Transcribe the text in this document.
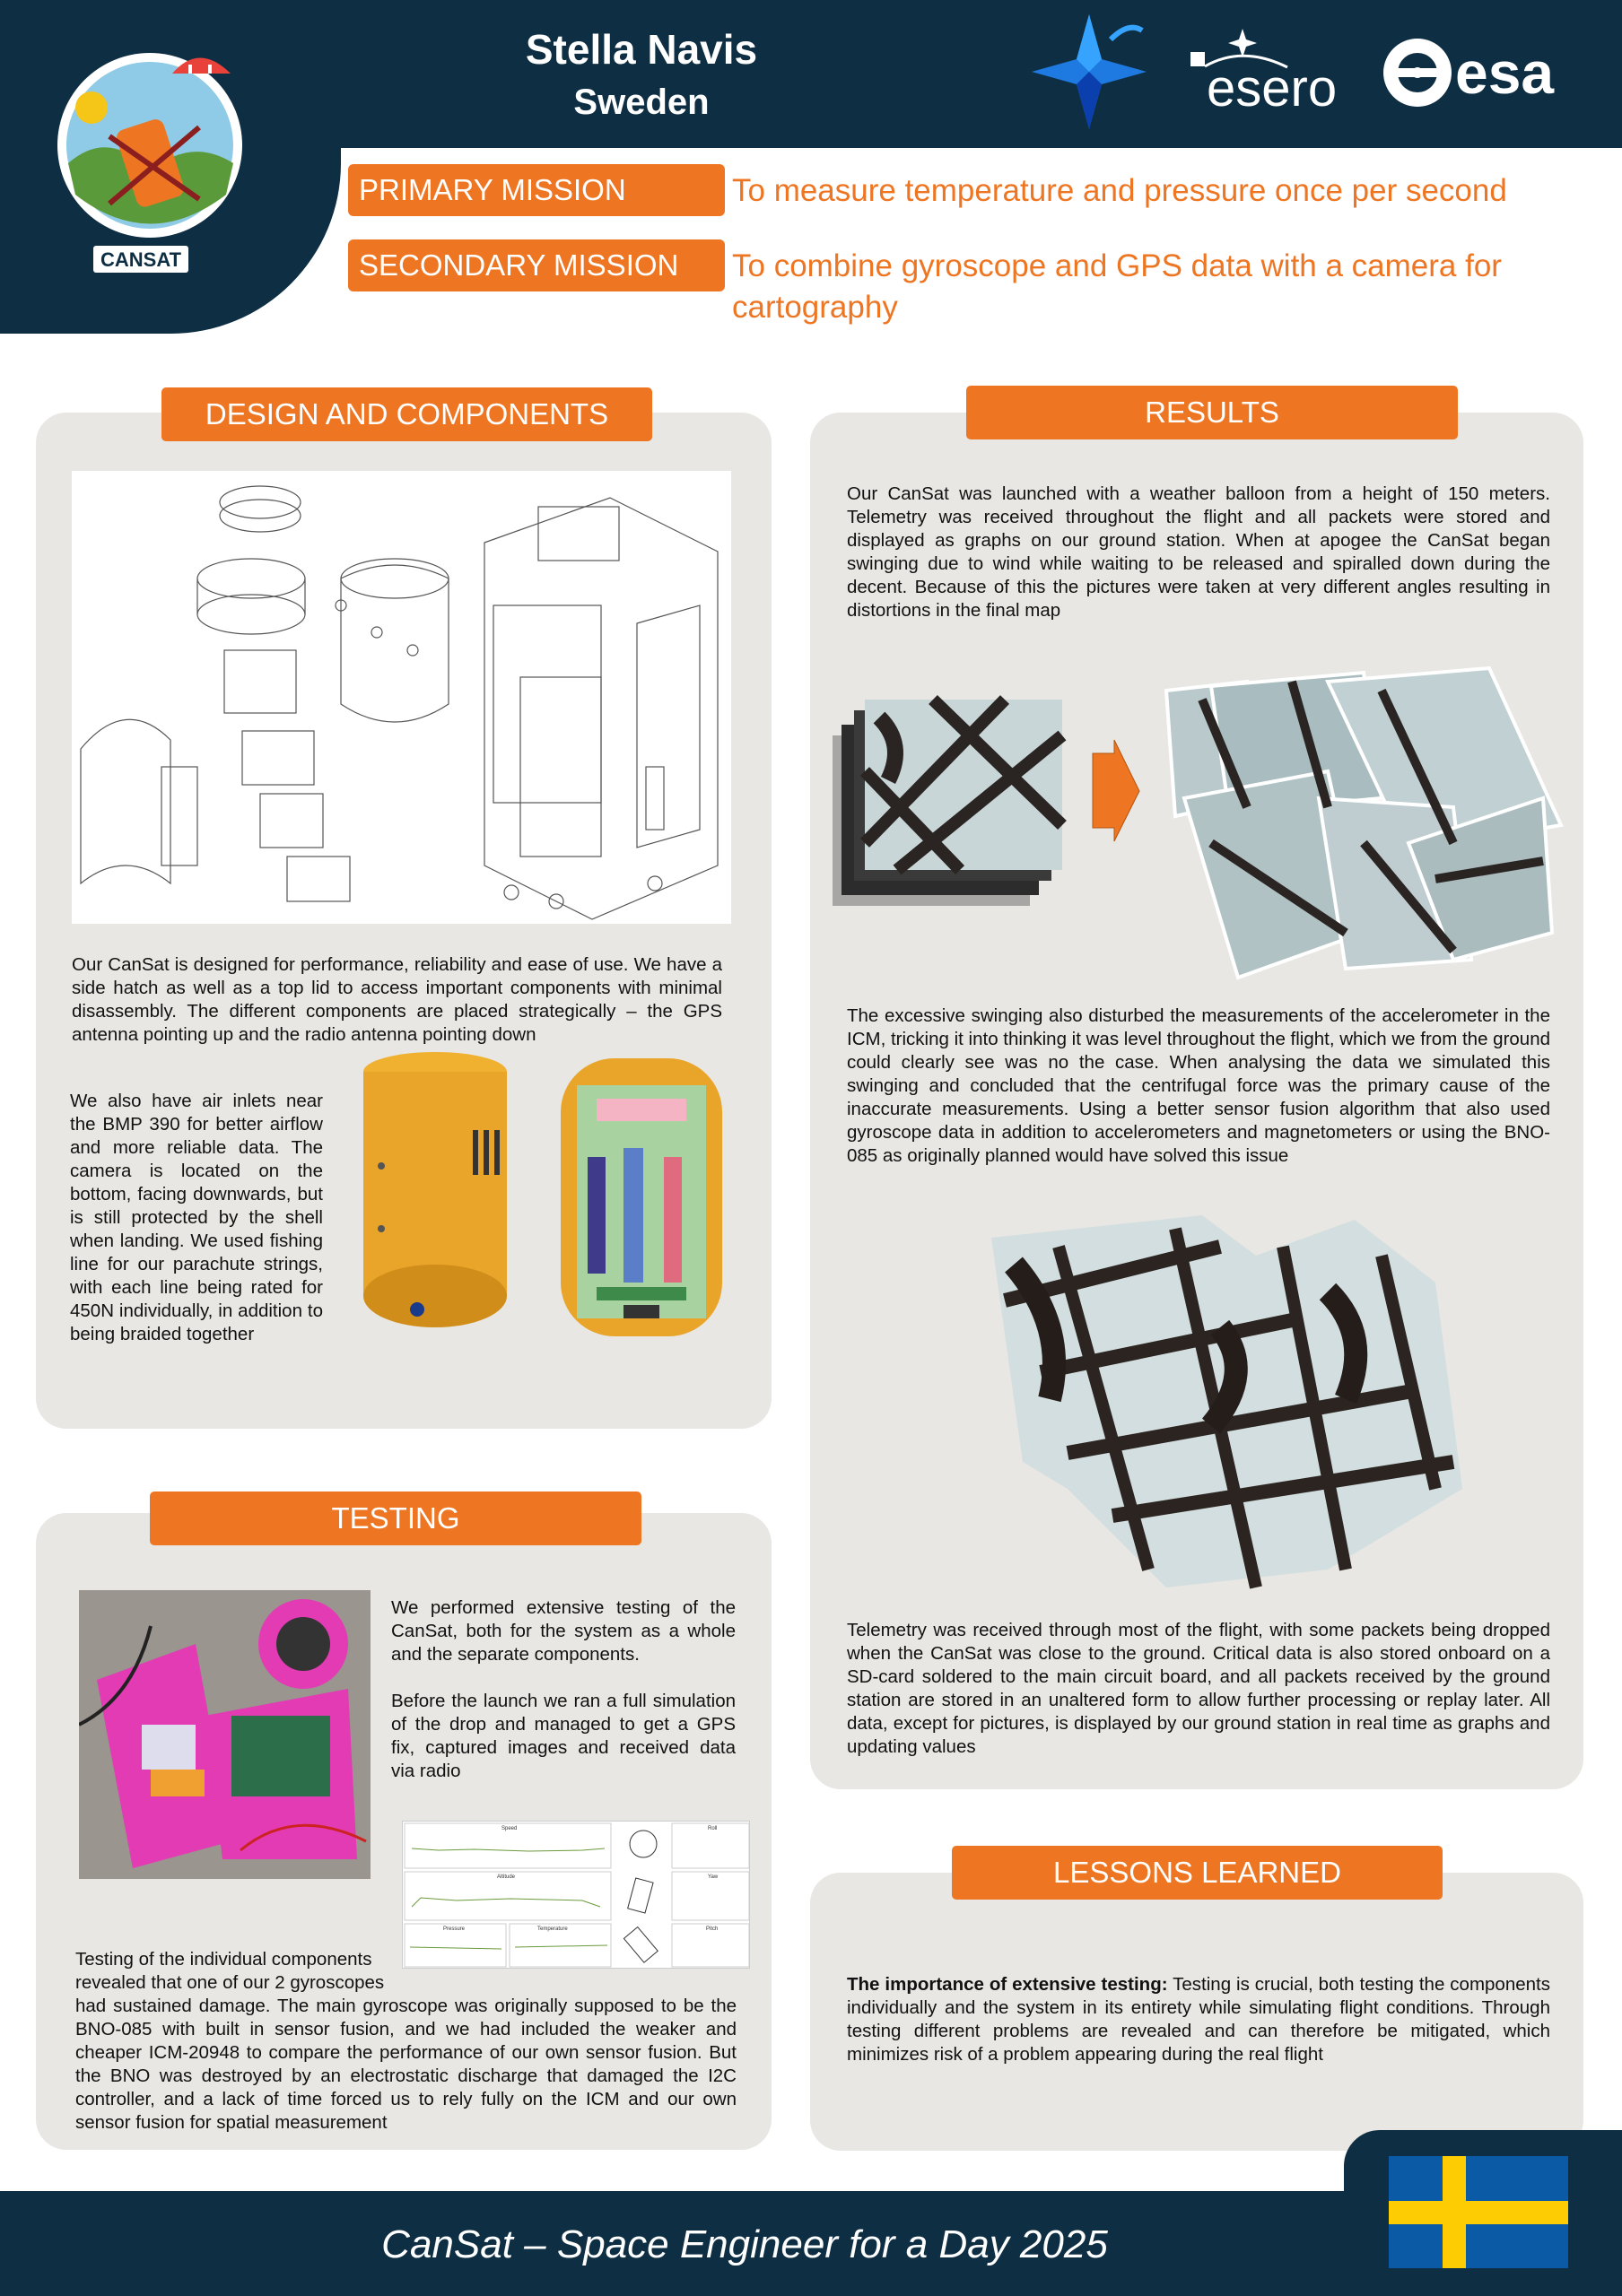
Stella Navis
Sweden
CANSAT
esero esa
PRIMARY MISSION	To measure temperature and pressure once per second
SECONDARY MISSION	To combine gyroscope and GPS data with a camera for cartography
DESIGN AND COMPONENTS
Our CanSat is designed for performance, reliability and ease of use. We have a side hatch as well as a top lid to access important components with minimal disassembly. The different components are placed strategically – the GPS antenna pointing up and the radio antenna pointing down
We also have air inlets near the BMP 390 for better airflow and more reliable data. The camera is located on the bottom, facing downwards, but is still protected by the shell when landing. We used fishing line for our parachute strings, with each line being rated for 450N individually, in addition to being braided together
TESTING
We performed extensive testing of the CanSat, both for the system as a whole and the separate components.
Before the launch we ran a full simulation of the drop and managed to get a GPS fix, captured images and received data via radio
Speed
Altitude
Pressure	Temperature
Roll
Yaw
Pitch
Testing of the individual components revealed that one of our 2 gyroscopes
had sustained damage. The main gyroscope was originally supposed to be the BNO-085 with built in sensor fusion, and we had included the weaker and cheaper ICM-20948 to compare the performance of our own sensor fusion. But the BNO was destroyed by an electrostatic discharge that damaged the I2C controller, and a lack of time forced us to rely fully on the ICM and our own sensor fusion for spatial measurement
RESULTS
Our CanSat was launched with a weather balloon from a height of 150 meters. Telemetry was received throughout the flight and all packets were stored and displayed as graphs on our ground station. When at apogee the CanSat began swinging due to wind while waiting to be released and spiralled down during the decent. Because of this the pictures were taken at very different angles resulting in distortions in the final map
The excessive swinging also disturbed the measurements of the accelerometer in the ICM, tricking it into thinking it was level throughout the flight, which we from the ground could clearly see was no the case. When analysing the data we simulated this swinging and concluded that the centrifugal force was the primary cause of the inaccurate measurements. Using a better sensor fusion algorithm that also used gyroscope data in addition to accelerometers and magnetometers or using the BNO-085 as originally planned would have solved this issue
Telemetry was received through most of the flight, with some packets being dropped when the CanSat was close to the ground. Critical data is also stored onboard on a SD-card soldered to the main circuit board, and all packets received by the ground station are stored in an unaltered form to allow further processing or replay later. All data, except for pictures, is displayed by our ground station in real time as graphs and updating values
LESSONS LEARNED
The importance of extensive testing: Testing is crucial, both testing the components individually and the system in its entirety while simulating flight conditions. Through testing different problems are revealed and can therefore be mitigated, which minimizes risk of a problem appearing during the real flight
CanSat – Space Engineer for a Day 2025
